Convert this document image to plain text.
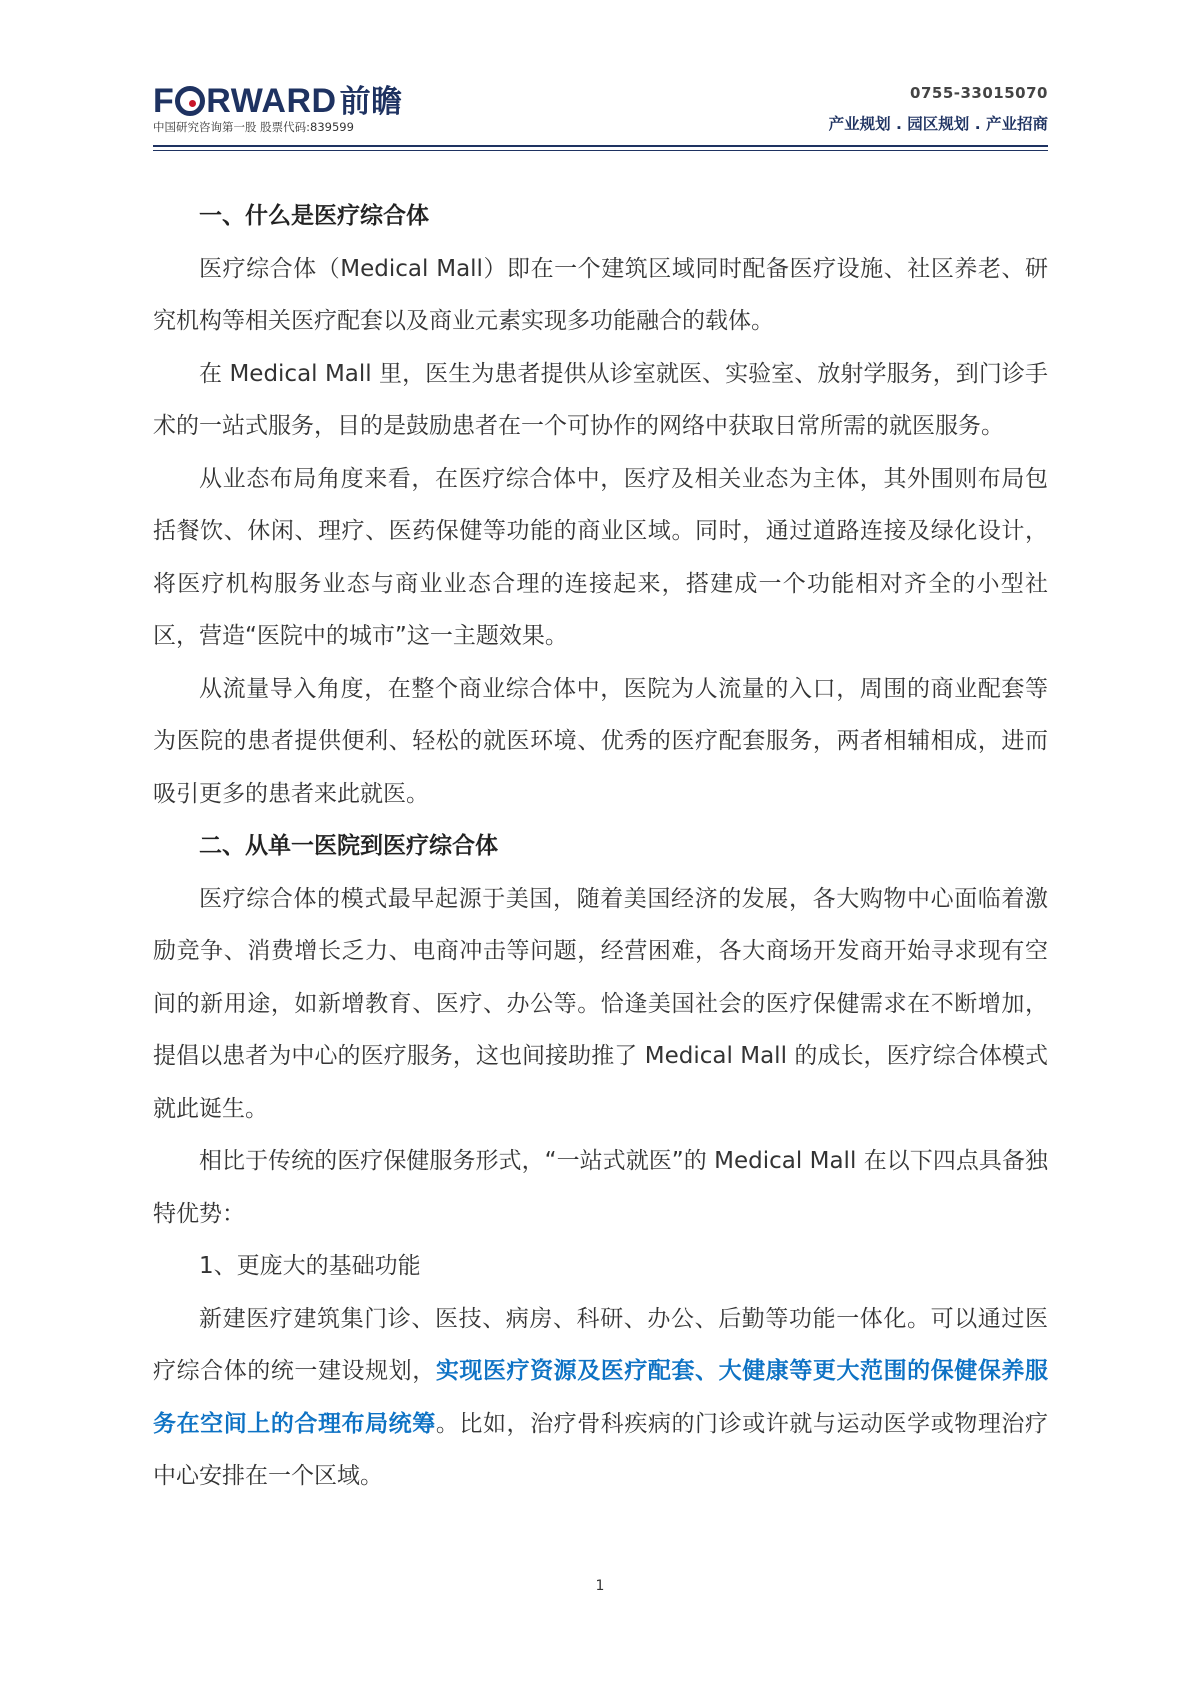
F RWARD前瞻
中国研究咨询第一股 股票代码:839599
0755-33015070
产业规划 . 园区规划 . 产业招商
一、什么是医疗综合体

医疗综合体（Medical Mall）即在一个建筑区域同时配备医疗设施、社区养老、研究机构等相关医疗配套以及商业元素实现多功能融合的载体。

在 Medical Mall 里，医生为患者提供从诊室就医、实验室、放射学服务，到门诊手术的一站式服务，目的是鼓励患者在一个可协作的网络中获取日常所需的就医服务。

从业态布局角度来看，在医疗综合体中，医疗及相关业态为主体，其外围则布局包括餐饮、休闲、理疗、医药保健等功能的商业区域。同时，通过道路连接及绿化设计，将医疗机构服务业态与商业业态合理的连接起来，搭建成一个功能相对齐全的小型社区，营造“医院中的城市”这一主题效果。

从流量导入角度，在整个商业综合体中，医院为人流量的入口，周围的商业配套等为医院的患者提供便利、轻松的就医环境、优秀的医疗配套服务，两者相辅相成，进而吸引更多的患者来此就医。

二、从单一医院到医疗综合体

医疗综合体的模式最早起源于美国，随着美国经济的发展，各大购物中心面临着激励竞争、消费增长乏力、电商冲击等问题，经营困难，各大商场开发商开始寻求现有空间的新用途，如新增教育、医疗、办公等。恰逢美国社会的医疗保健需求在不断增加，提倡以患者为中心的医疗服务，这也间接助推了 Medical Mall 的成长，医疗综合体模式就此诞生。

相比于传统的医疗保健服务形式，“一站式就医”的 Medical Mall 在以下四点具备独特优势：

1、更庞大的基础功能

新建医疗建筑集门诊、医技、病房、科研、办公、后勤等功能一体化。可以通过医疗综合体的统一建设规划，实现医疗资源及医疗配套、大健康等更大范围的保健保养服务在空间上的合理布局统筹。比如，治疗骨科疾病的门诊或许就与运动医学或物理治疗中心安排在一个区域。

1
